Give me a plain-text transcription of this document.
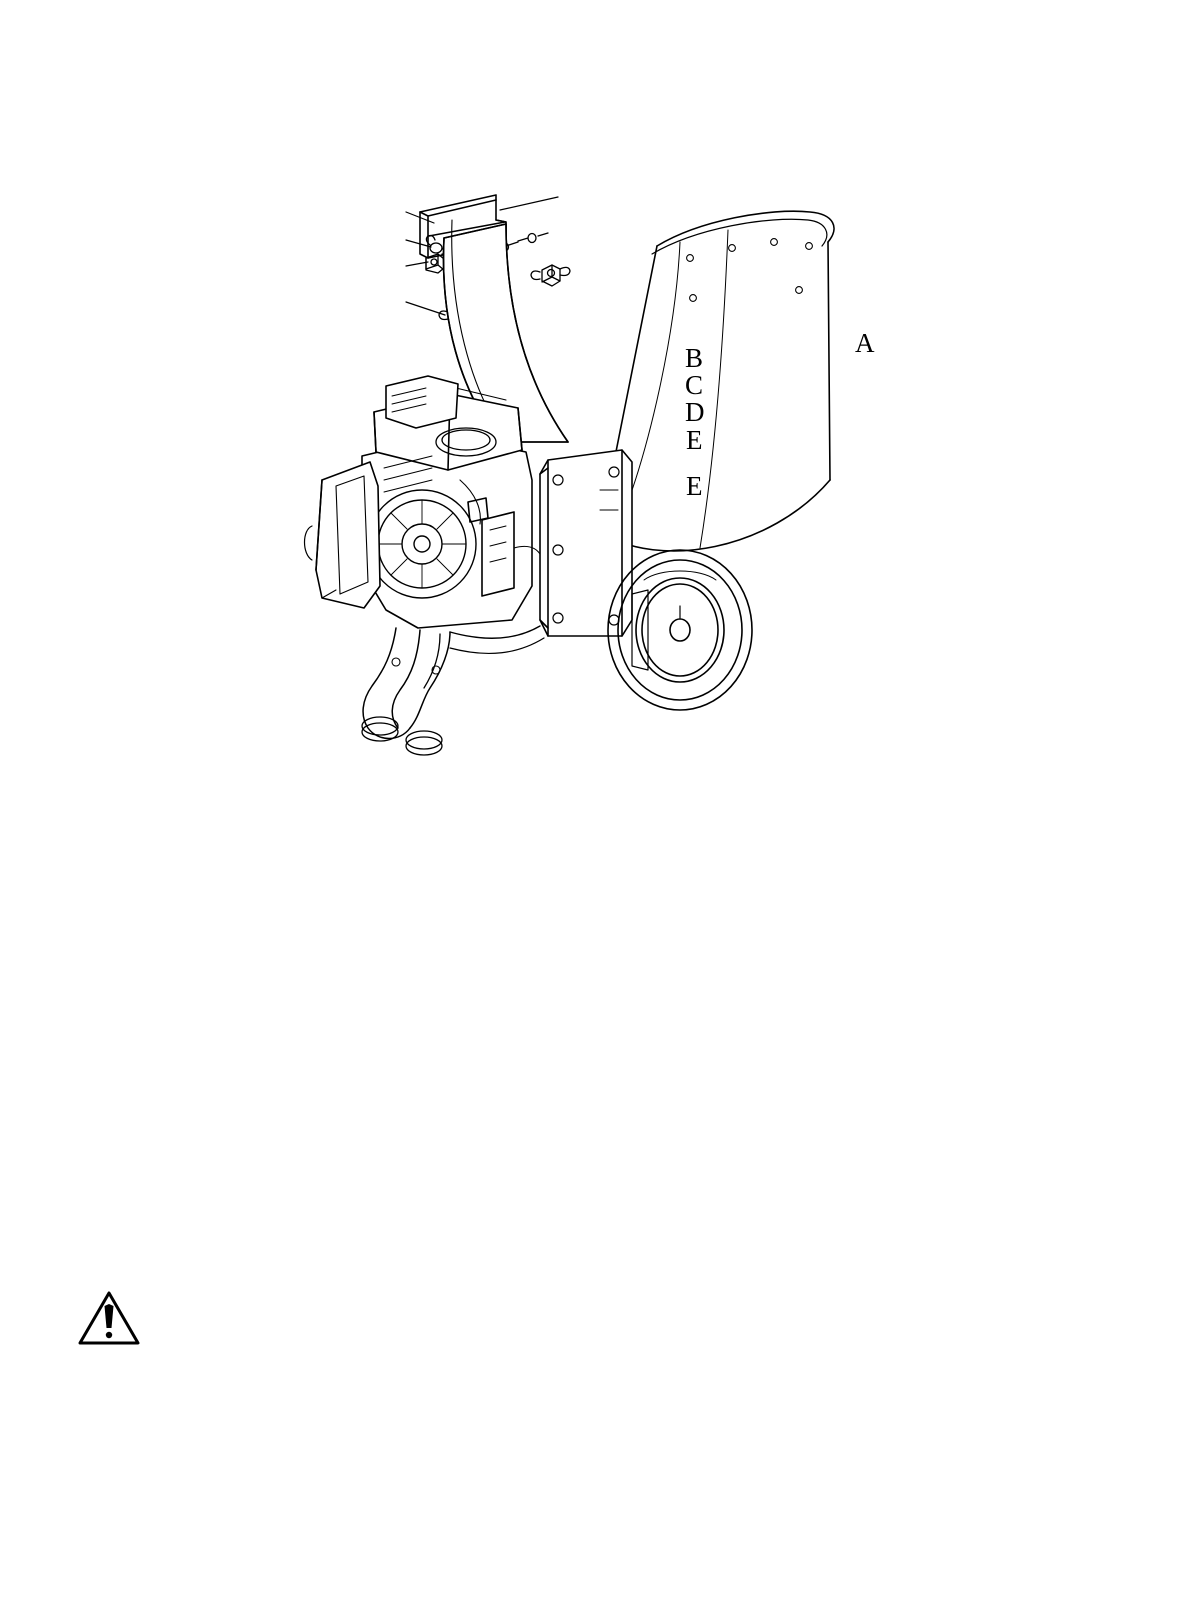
A
B
C
D
E
E
